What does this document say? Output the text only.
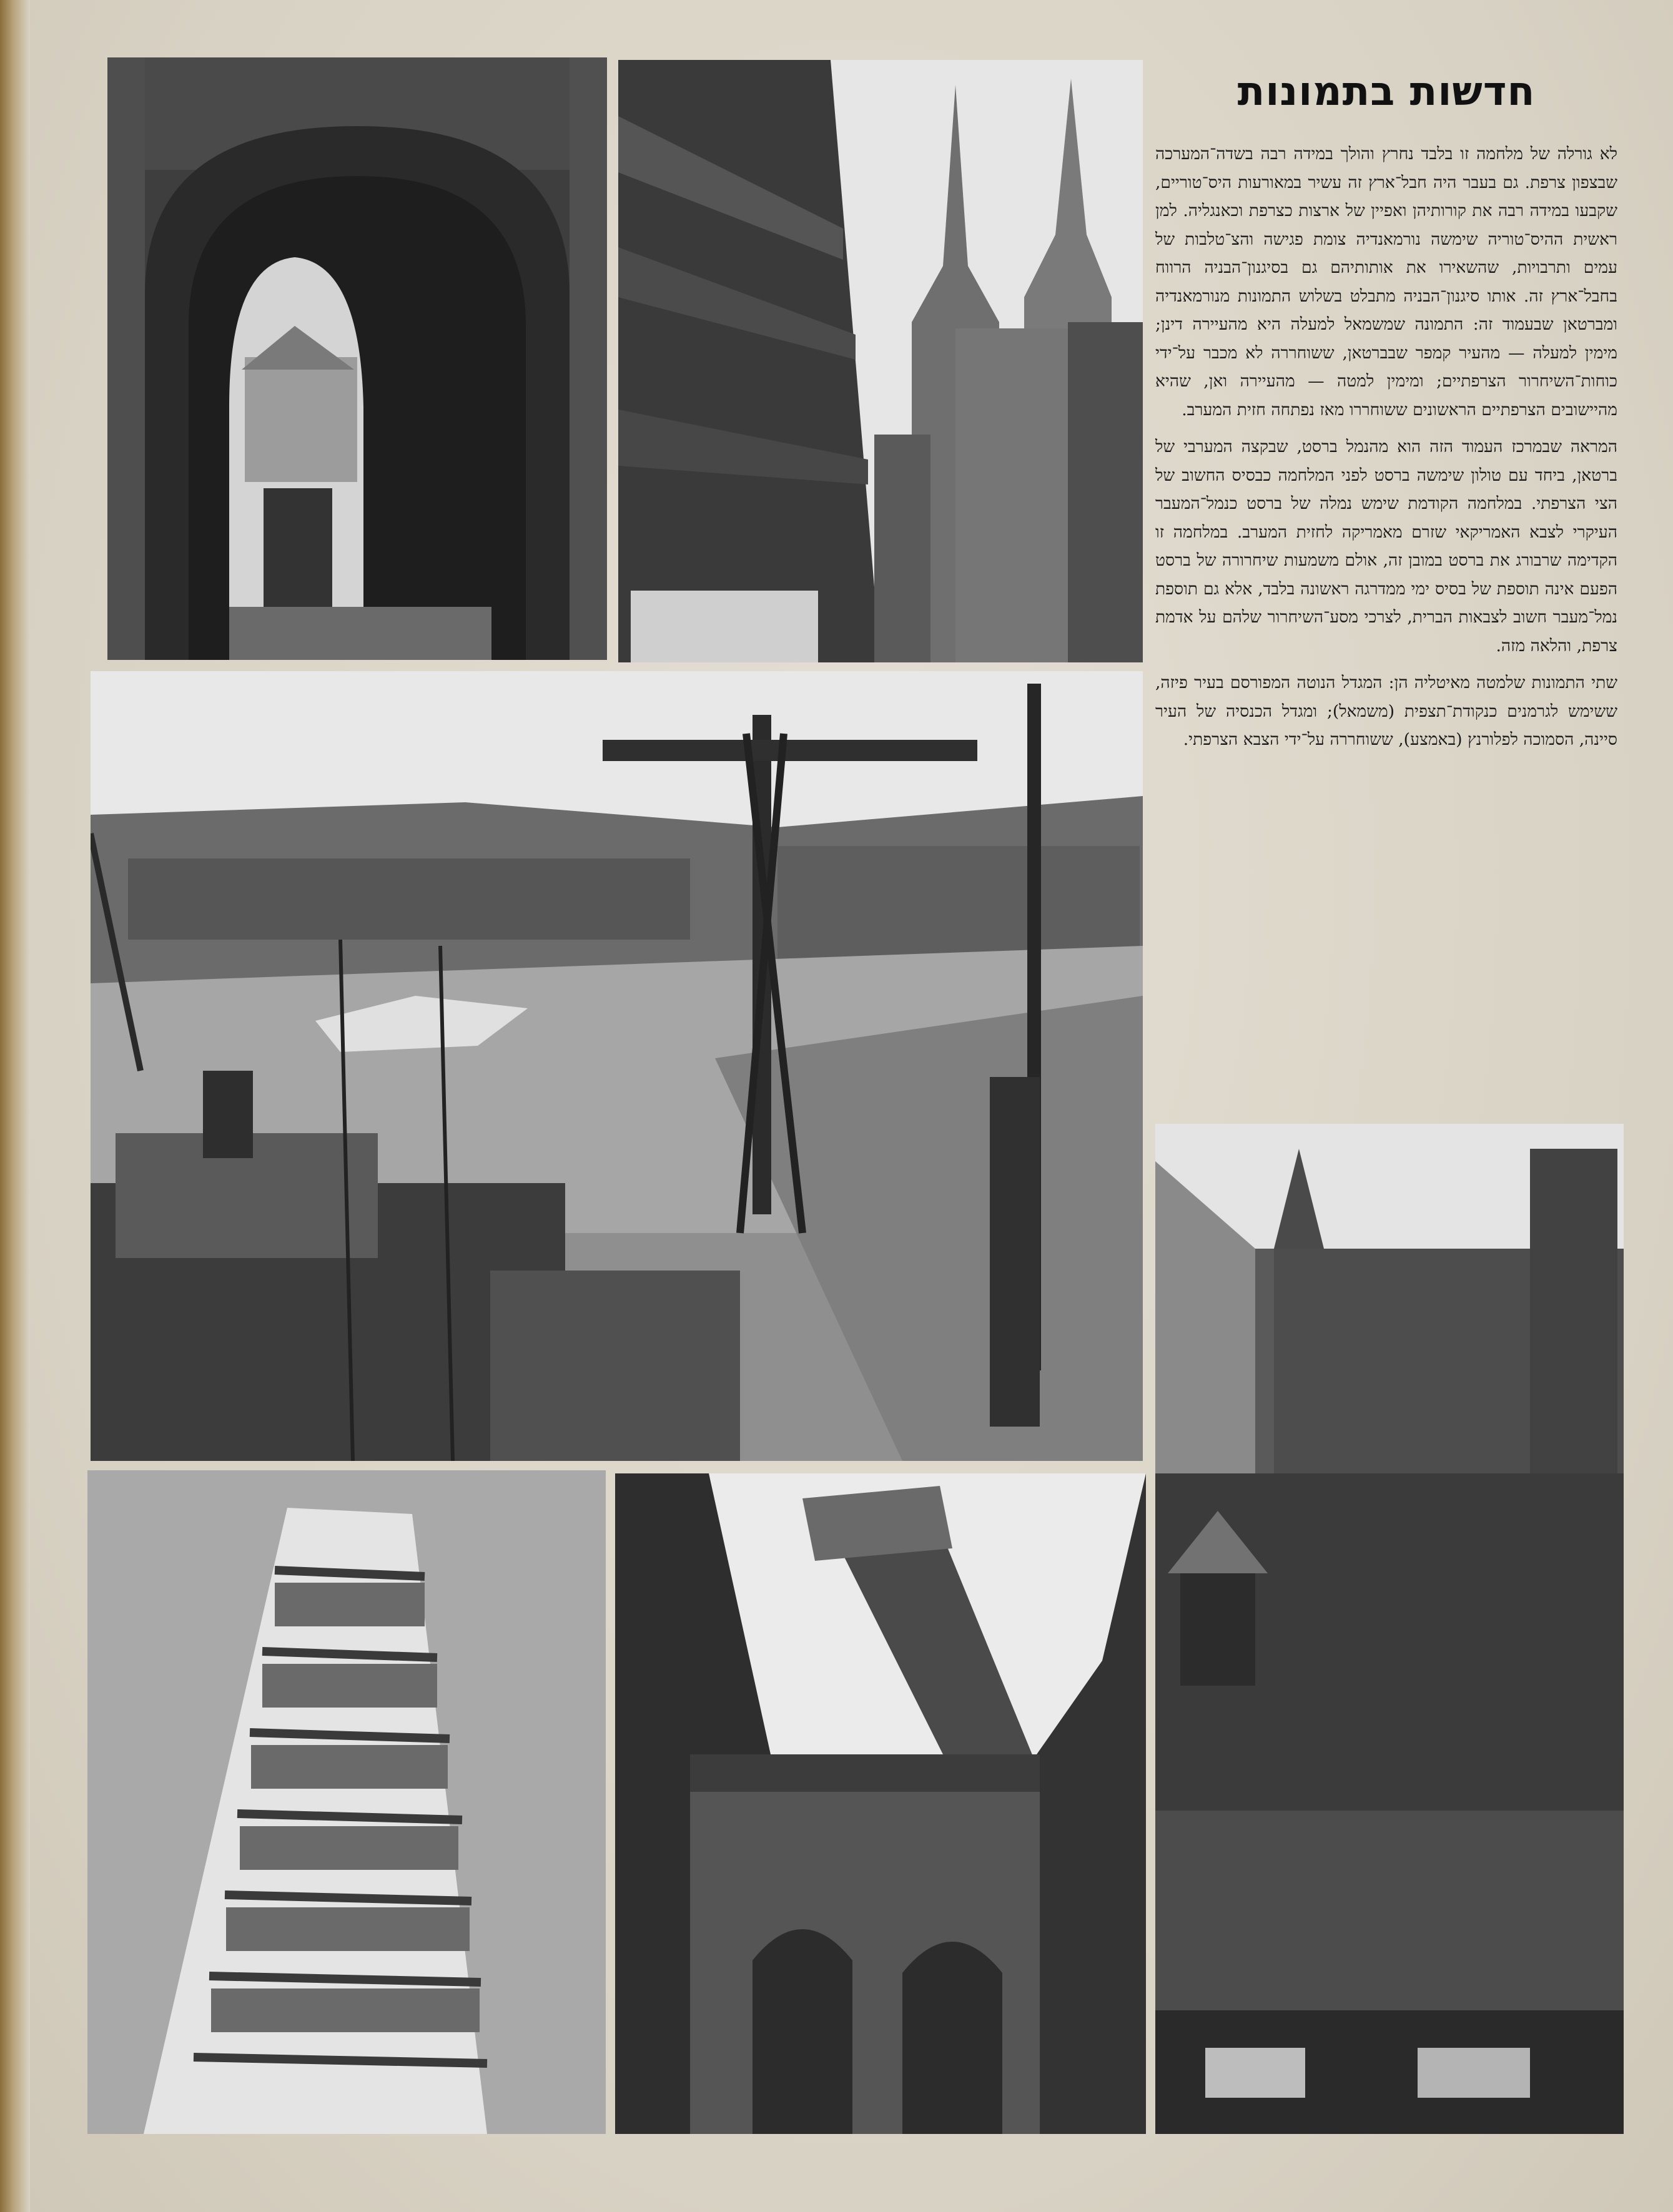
חדשות בתמונות

לא גורלה של מלחמה זו בלבד נחרץ והולך במידה רבה בשדה־המערכה שבצפון צרפת. גם בעבר היה חבל־ארץ זה עשיר במאורעות היס־טוריים, שקבעו במידה רבה את קורותיהן ואפיין של ארצות כצרפת וכאנגליה. למן ראשית ההיס־טוריה שימשה נורמאנדיה צומת פגישה והצ־טלבות של עמים ותרבויות, שהשאירו את אותותיהם גם בסיגנון־הבניה הרווח בחבל־ארץ זה. אותו סיגנון־הבניה מתבלט בשלוש התמונות מנורמאנדיה ומברטאן שבעמוד זה: התמונה שמשמאל למעלה היא מהעיירה דינן; מימין למעלה — מהעיר קמפר שבברטאן, ששוחררה לא מכבר על־ידי כוחות־השיחרור הצרפתיים; ומימין למטה — מהעיירה ואן, שהיא מהיישובים הצרפתיים הראשונים ששוחררו מאז נפתחה חזית המערב.

המראה שבמרכז העמוד הזה הוא מהנמל ברסט, שבקצה המערבי של ברטאן, ביחד עם טולון שימשה ברסט לפני המלחמה כבסיס החשוב של הצי הצרפתי. במלחמה הקודמת שימש נמלה של ברסט כנמל־המעבר העיקרי לצבא האמריקאי שזרם מאמריקה לחזית המערב. במלחמה זו הקדימה שרבורג את ברסט במובן זה, אולם משמעות שיחרורה של ברסט הפעם אינה תוספת של בסיס ימי ממדרגה ראשונה בלבד, אלא גם תוספת נמל־מעבר חשוב לצבאות הברית, לצרכי מסע־השיחרור שלהם על אדמת צרפת, והלאה מזה.

שתי התמונות שלמטה מאיטליה הן: המגדל הנוטה המפורסם בעיר פיזה, ששימש לגרמנים כנקודת־תצפית (משמאל); ומגדל הכנסיה של העיר סיינה, הסמוכה לפלורנץ (באמצע), ששוחררה על־ידי הצבא הצרפתי.
